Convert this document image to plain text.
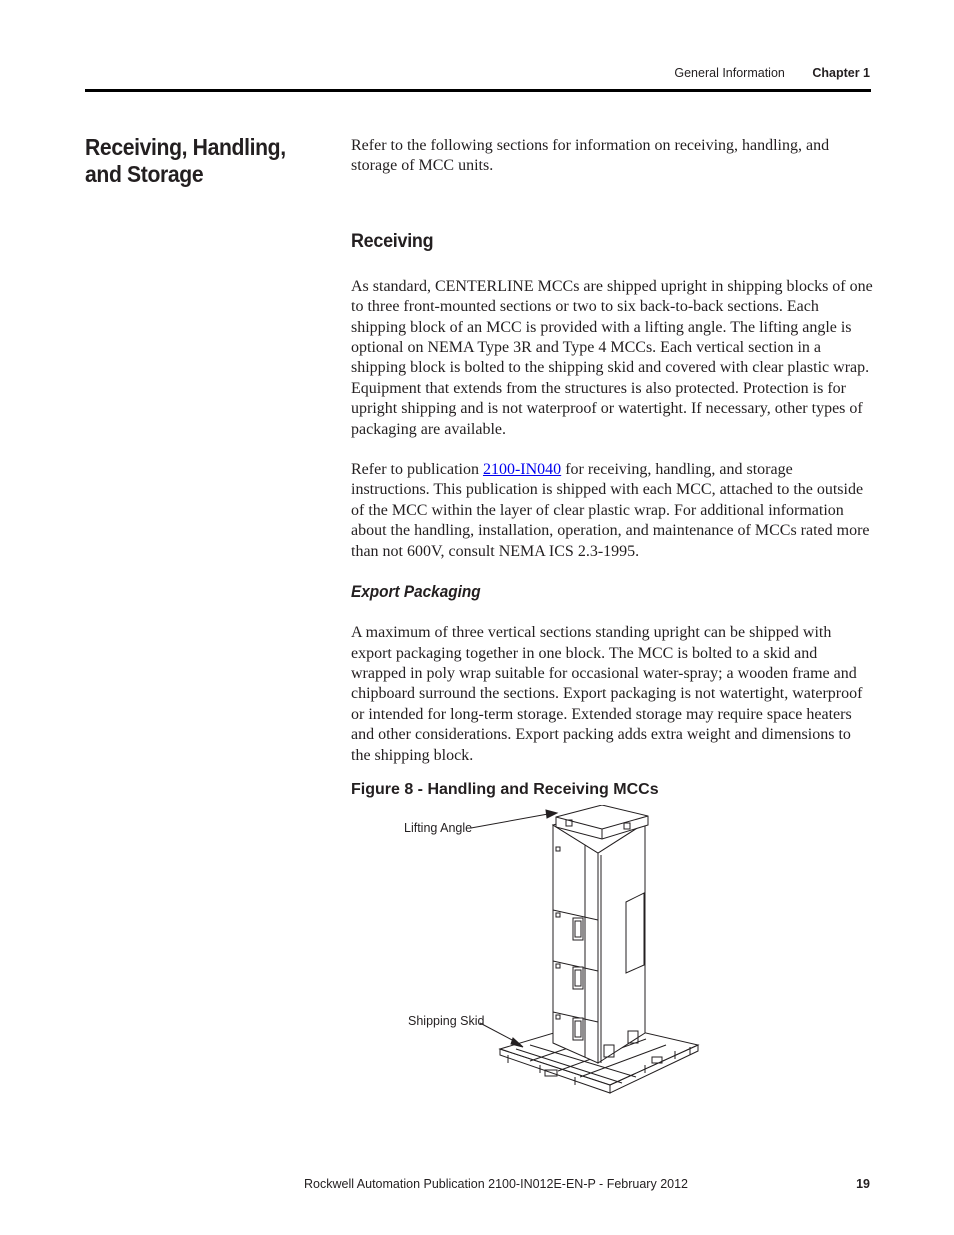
General Information Chapter 1
Receiving, Handling, and Storage

Refer to the following sections for information on receiving, handling, and storage of MCC units.

Receiving

As standard, CENTERLINE MCCs are shipped upright in shipping blocks of one to three front-mounted sections or two to six back-to-back sections. Each shipping block of an MCC is provided with a lifting angle. The lifting angle is optional on NEMA Type 3R and Type 4 MCCs. Each vertical section in a shipping block is bolted to the shipping skid and covered with clear plastic wrap. Equipment that extends from the structures is also protected. Protection is for upright shipping and is not waterproof or watertight. If necessary, other types of packaging are available.

Refer to publication 2100-IN040 for receiving, handling, and storage instructions. This publication is shipped with each MCC, attached to the outside of the MCC within the layer of clear plastic wrap. For additional information about the handling, installation, operation, and maintenance of MCCs rated more than not 600V, consult NEMA ICS 2.3-1995.

Export Packaging

A maximum of three vertical sections standing upright can be shipped with export packaging together in one block. The MCC is bolted to a skid and wrapped in poly wrap suitable for occasional water-spray; a wooden frame and chipboard surround the sections. Export packaging is not watertight, waterproof or intended for long-term storage. Extended storage may require space heaters and other considerations. Export packing adds extra weight and dimensions to the shipping block.

Figure 8 - Handling and Receiving MCCs

Lifting Angle
Shipping Skid
Rockwell Automation Publication 2100-IN012E-EN-P - February 2012	19
